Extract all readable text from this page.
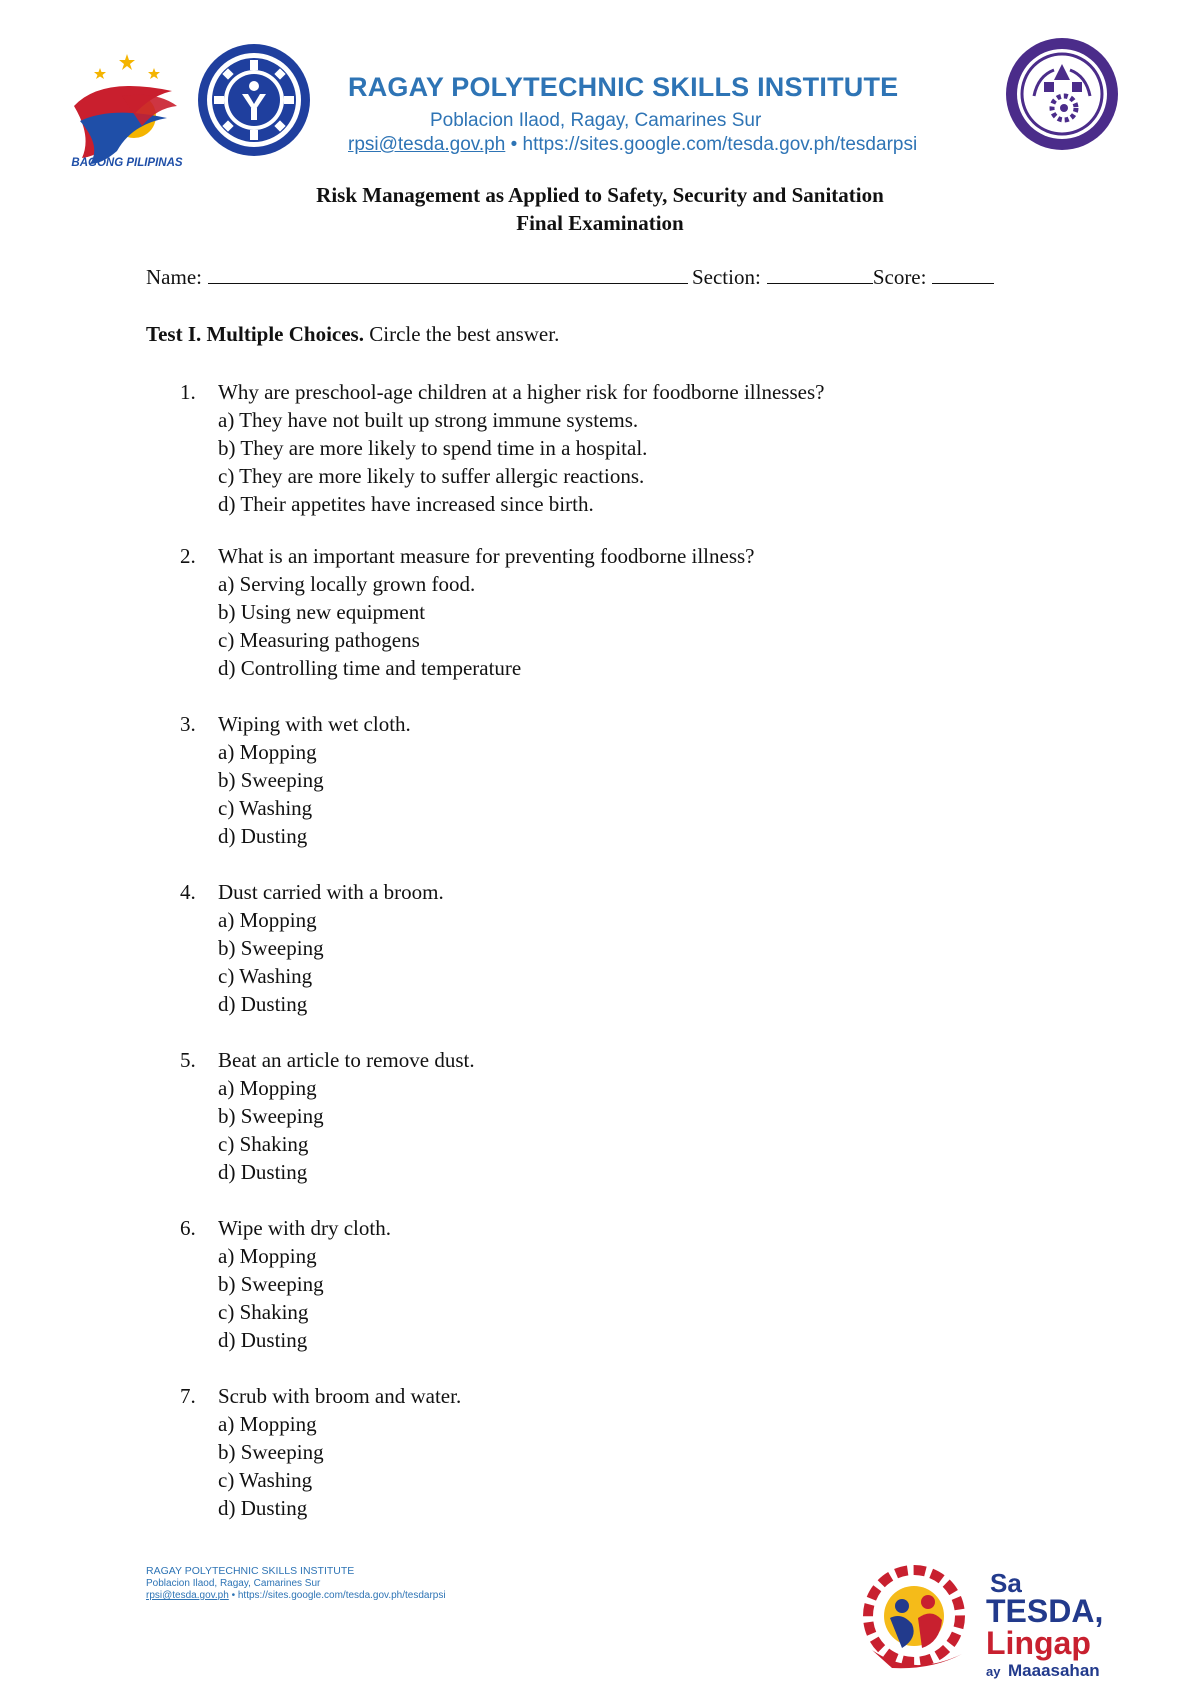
BAGONG PILIPINAS
RAGAY POLYTECHNIC SKILLS INSTITUTE
Poblacion Ilaod, Ragay, Camarines Sur
rpsi@tesda.gov.ph • https://sites.google.com/tesda.gov.ph/tesdarpsi
Risk Management as Applied to Safety, Security and Sanitation
Final Examination
Name:	Section:	Score:
Test I. Multiple Choices. Circle the best answer.
1. Why are preschool-age children at a higher risk for foodborne illnesses?
a) They have not built up strong immune systems.
b) They are more likely to spend time in a hospital.
c) They are more likely to suffer allergic reactions.
d) Their appetites have increased since birth.
2. What is an important measure for preventing foodborne illness?
a) Serving locally grown food.
b) Using new equipment
c) Measuring pathogens
d) Controlling time and temperature
3. Wiping with wet cloth.
a) Mopping
b) Sweeping
c) Washing
d) Dusting
4. Dust carried with a broom.
a) Mopping
b) Sweeping
c) Washing
d) Dusting
5. Beat an article to remove dust.
a) Mopping
b) Sweeping
c) Shaking
d) Dusting
6. Wipe with dry cloth.
a) Mopping
b) Sweeping
c) Shaking
d) Dusting
7. Scrub with broom and water.
a) Mopping
b) Sweeping
c) Washing
d) Dusting
RAGAY POLYTECHNIC SKILLS INSTITUTE
Poblacion Ilaod, Ragay, Camarines Sur
rpsi@tesda.gov.ph • https://sites.google.com/tesda.gov.ph/tesdarpsi	Sa
TESDA,
Lingap
ay Maaasahan
